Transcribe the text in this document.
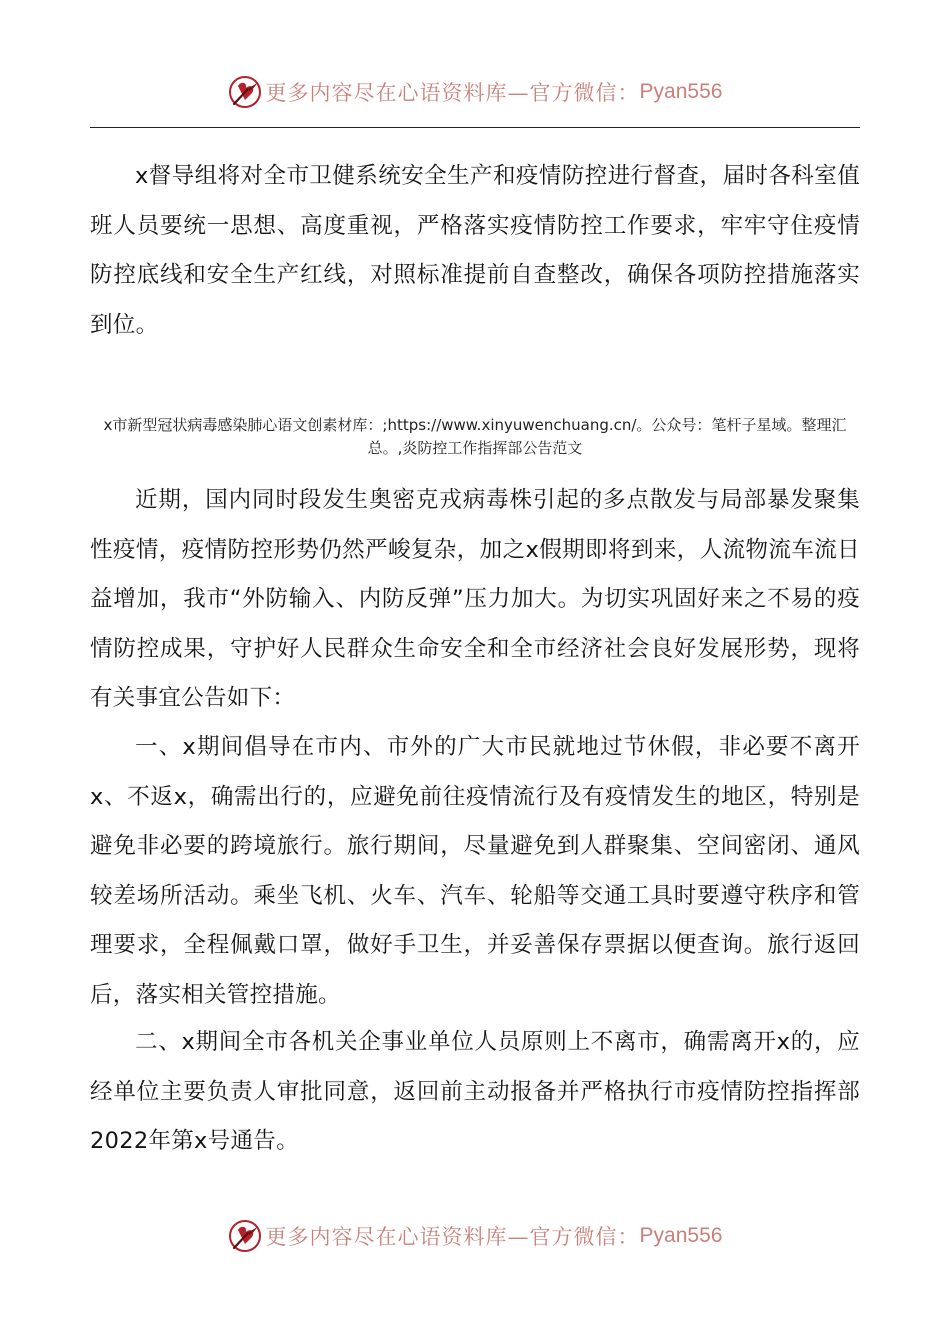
更多内容尽在心语资料库—官方微信： Pyan556

x督导组将对全市卫健系统安全生产和疫情防控进行督查，届时各科室值班人员要统一思想、高度重视，严格落实疫情防控工作要求，牢牢守住疫情防控底线和安全生产红线，对照标准提前自查整改，确保各项防控措施落实到位。

x市新型冠状病毒感染肺心语文创素材库：;https://www.xinyuwenchuang.cn/。公众号：笔杆子星域。整理汇总。,炎防控工作指挥部公告范文

近期，国内同时段发生奥密克戎病毒株引起的多点散发与局部暴发聚集性疫情，疫情防控形势仍然严峻复杂，加之x假期即将到来，人流物流车流日益增加，我市“外防输入、内防反弹”压力加大。为切实巩固好来之不易的疫情防控成果，守护好人民群众生命安全和全市经济社会良好发展形势，现将有关事宜公告如下：

一、x期间倡导在市内、市外的广大市民就地过节休假，非必要不离开x、不返x，确需出行的，应避免前往疫情流行及有疫情发生的地区，特别是避免非必要的跨境旅行。旅行期间，尽量避免到人群聚集、空间密闭、通风较差场所活动。乘坐飞机、火车、汽车、轮船等交通工具时要遵守秩序和管理要求，全程佩戴口罩，做好手卫生，并妥善保存票据以便查询。旅行返回后，落实相关管控措施。

二、x期间全市各机关企事业单位人员原则上不离市，确需离开x的，应经单位主要负责人审批同意，返回前主动报备并严格执行市疫情防控指挥部2022年第x号通告。

更多内容尽在心语资料库—官方微信： Pyan556
